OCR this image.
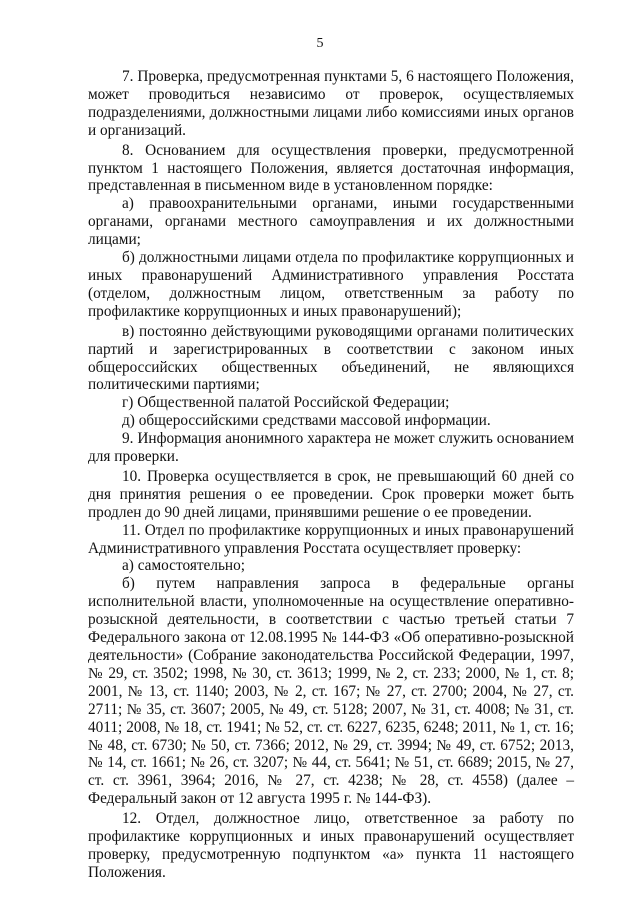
5

7. Проверка, предусмотренная пунктами 5, 6 настоящего Положения, может проводиться независимо от проверок, осуществляемых подразделениями, должностными лицами либо комиссиями иных органов и организаций.

8. Основанием для осуществления проверки, предусмотренной пунктом 1 настоящего Положения, является достаточная информация, представленная в письменном виде в установленном порядке:

а) правоохранительными органами, иными государственными органами, органами местного самоуправления и их должностными лицами;

б) должностными лицами отдела по профилактике коррупционных и иных правонарушений Административного управления Росстата (отделом, должностным лицом, ответственным за работу по профилактике коррупционных и иных правонарушений);

в) постоянно действующими руководящими органами политических партий и зарегистрированных в соответствии с законом иных общероссийских общественных объединений, не являющихся политическими партиями;

г) Общественной палатой Российской Федерации;

д) общероссийскими средствами массовой информации.

9. Информация анонимного характера не может служить основанием для проверки.

10. Проверка осуществляется в срок, не превышающий 60 дней со дня принятия решения о ее проведении. Срок проверки может быть продлен до 90 дней лицами, принявшими решение о ее проведении.

11. Отдел по профилактике коррупционных и иных правонарушений Административного управления Росстата осуществляет проверку:

а) самостоятельно;

б) путем направления запроса в федеральные органы исполнительной власти, уполномоченные на осуществление оперативно-розыскной деятельности, в соответствии с частью третьей статьи 7 Федерального закона от 12.08.1995 № 144-ФЗ «Об оперативно-розыскной деятельности» (Собрание законодательства Российской Федерации, 1997, № 29, ст. 3502; 1998, № 30, ст. 3613; 1999, № 2, ст. 233; 2000, № 1, ст. 8; 2001, № 13, ст. 1140; 2003, № 2, ст. 167; № 27, ст. 2700; 2004, № 27, ст. 2711; № 35, ст. 3607; 2005, № 49, ст. 5128; 2007, № 31, ст. 4008; № 31, ст. 4011; 2008, № 18, ст. 1941; № 52, ст. ст. 6227, 6235, 6248; 2011, № 1, ст. 16; № 48, ст. 6730; № 50, ст. 7366; 2012, № 29, ст. 3994; № 49, ст. 6752; 2013, № 14, ст. 1661; № 26, ст. 3207; № 44, ст. 5641; № 51, ст. 6689; 2015, № 27, ст. ст. 3961, 3964; 2016, № 27, ст. 4238; № 28, ст. 4558) (далее – Федеральный закон от 12 августа 1995 г. № 144-ФЗ).

12. Отдел, должностное лицо, ответственное за работу по профилактике коррупционных и иных правонарушений осуществляет проверку, предусмотренную подпунктом «а» пункта 11 настоящего Положения.
